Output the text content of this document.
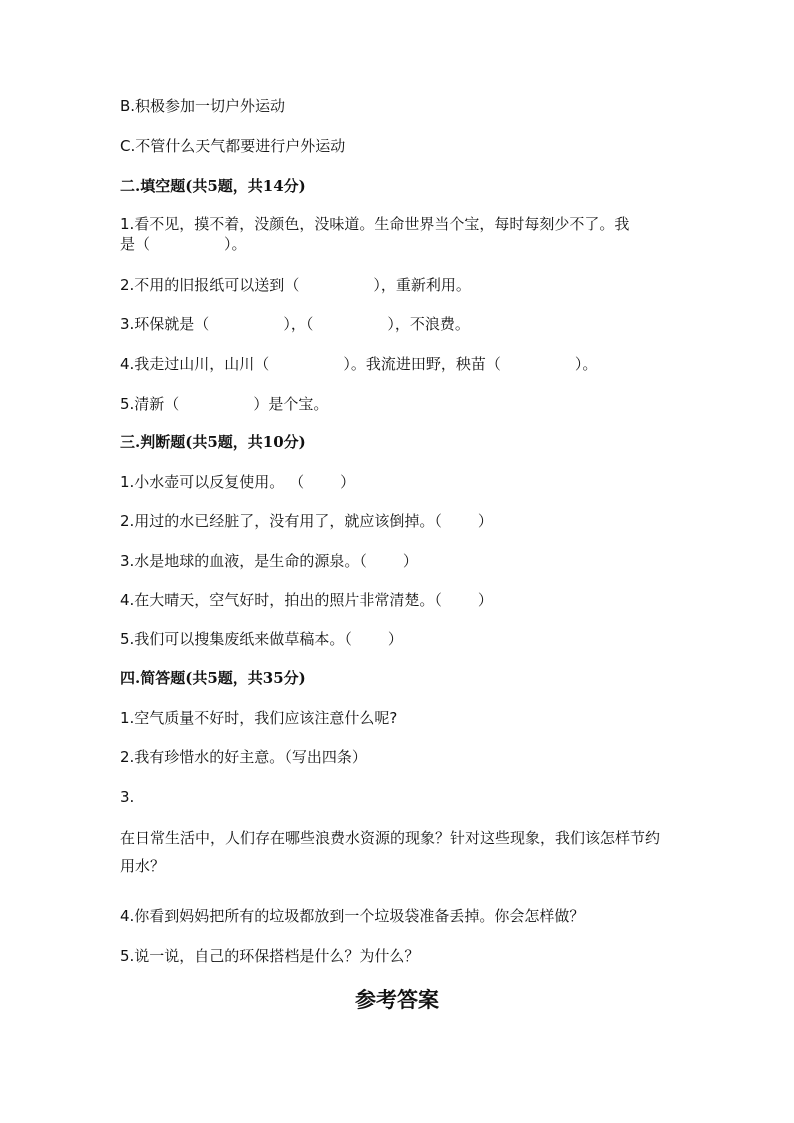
B.积极参加一切户外运动
C.不管什么天气都要进行户外运动
二.填空题(共5题，共14分)
1.看不见，摸不着，没颜色，没味道。生命世界当个宝，每时每刻少不了。我
是（	）。
2.不用的旧报纸可以送到（	），重新利用。
3.环保就是（	），（	），不浪费。
4.我走过山川，山川（	）。我流进田野，秧苗（	）。
5.清新（	）是个宝。
三.判断题(共5题，共10分)
1.小水壶可以反复使用。 （ ）
2.用过的水已经脏了，没有用了，就应该倒掉。（ ）
3.水是地球的血液，是生命的源泉。（ ）
4.在大晴天，空气好时，拍出的照片非常清楚。（ ）
5.我们可以搜集废纸来做草稿本。（ ）
四.简答题(共5题，共35分)
1.空气质量不好时，我们应该注意什么呢?
2.我有珍惜水的好主意。（写出四条）
3.
在日常生活中，人们存在哪些浪费水资源的现象？针对这些现象，我们该怎样节约用水？
4.你看到妈妈把所有的垃圾都放到一个垃圾袋准备丢掉。你会怎样做？
5.说一说，自己的环保搭档是什么？为什么？
参考答案
